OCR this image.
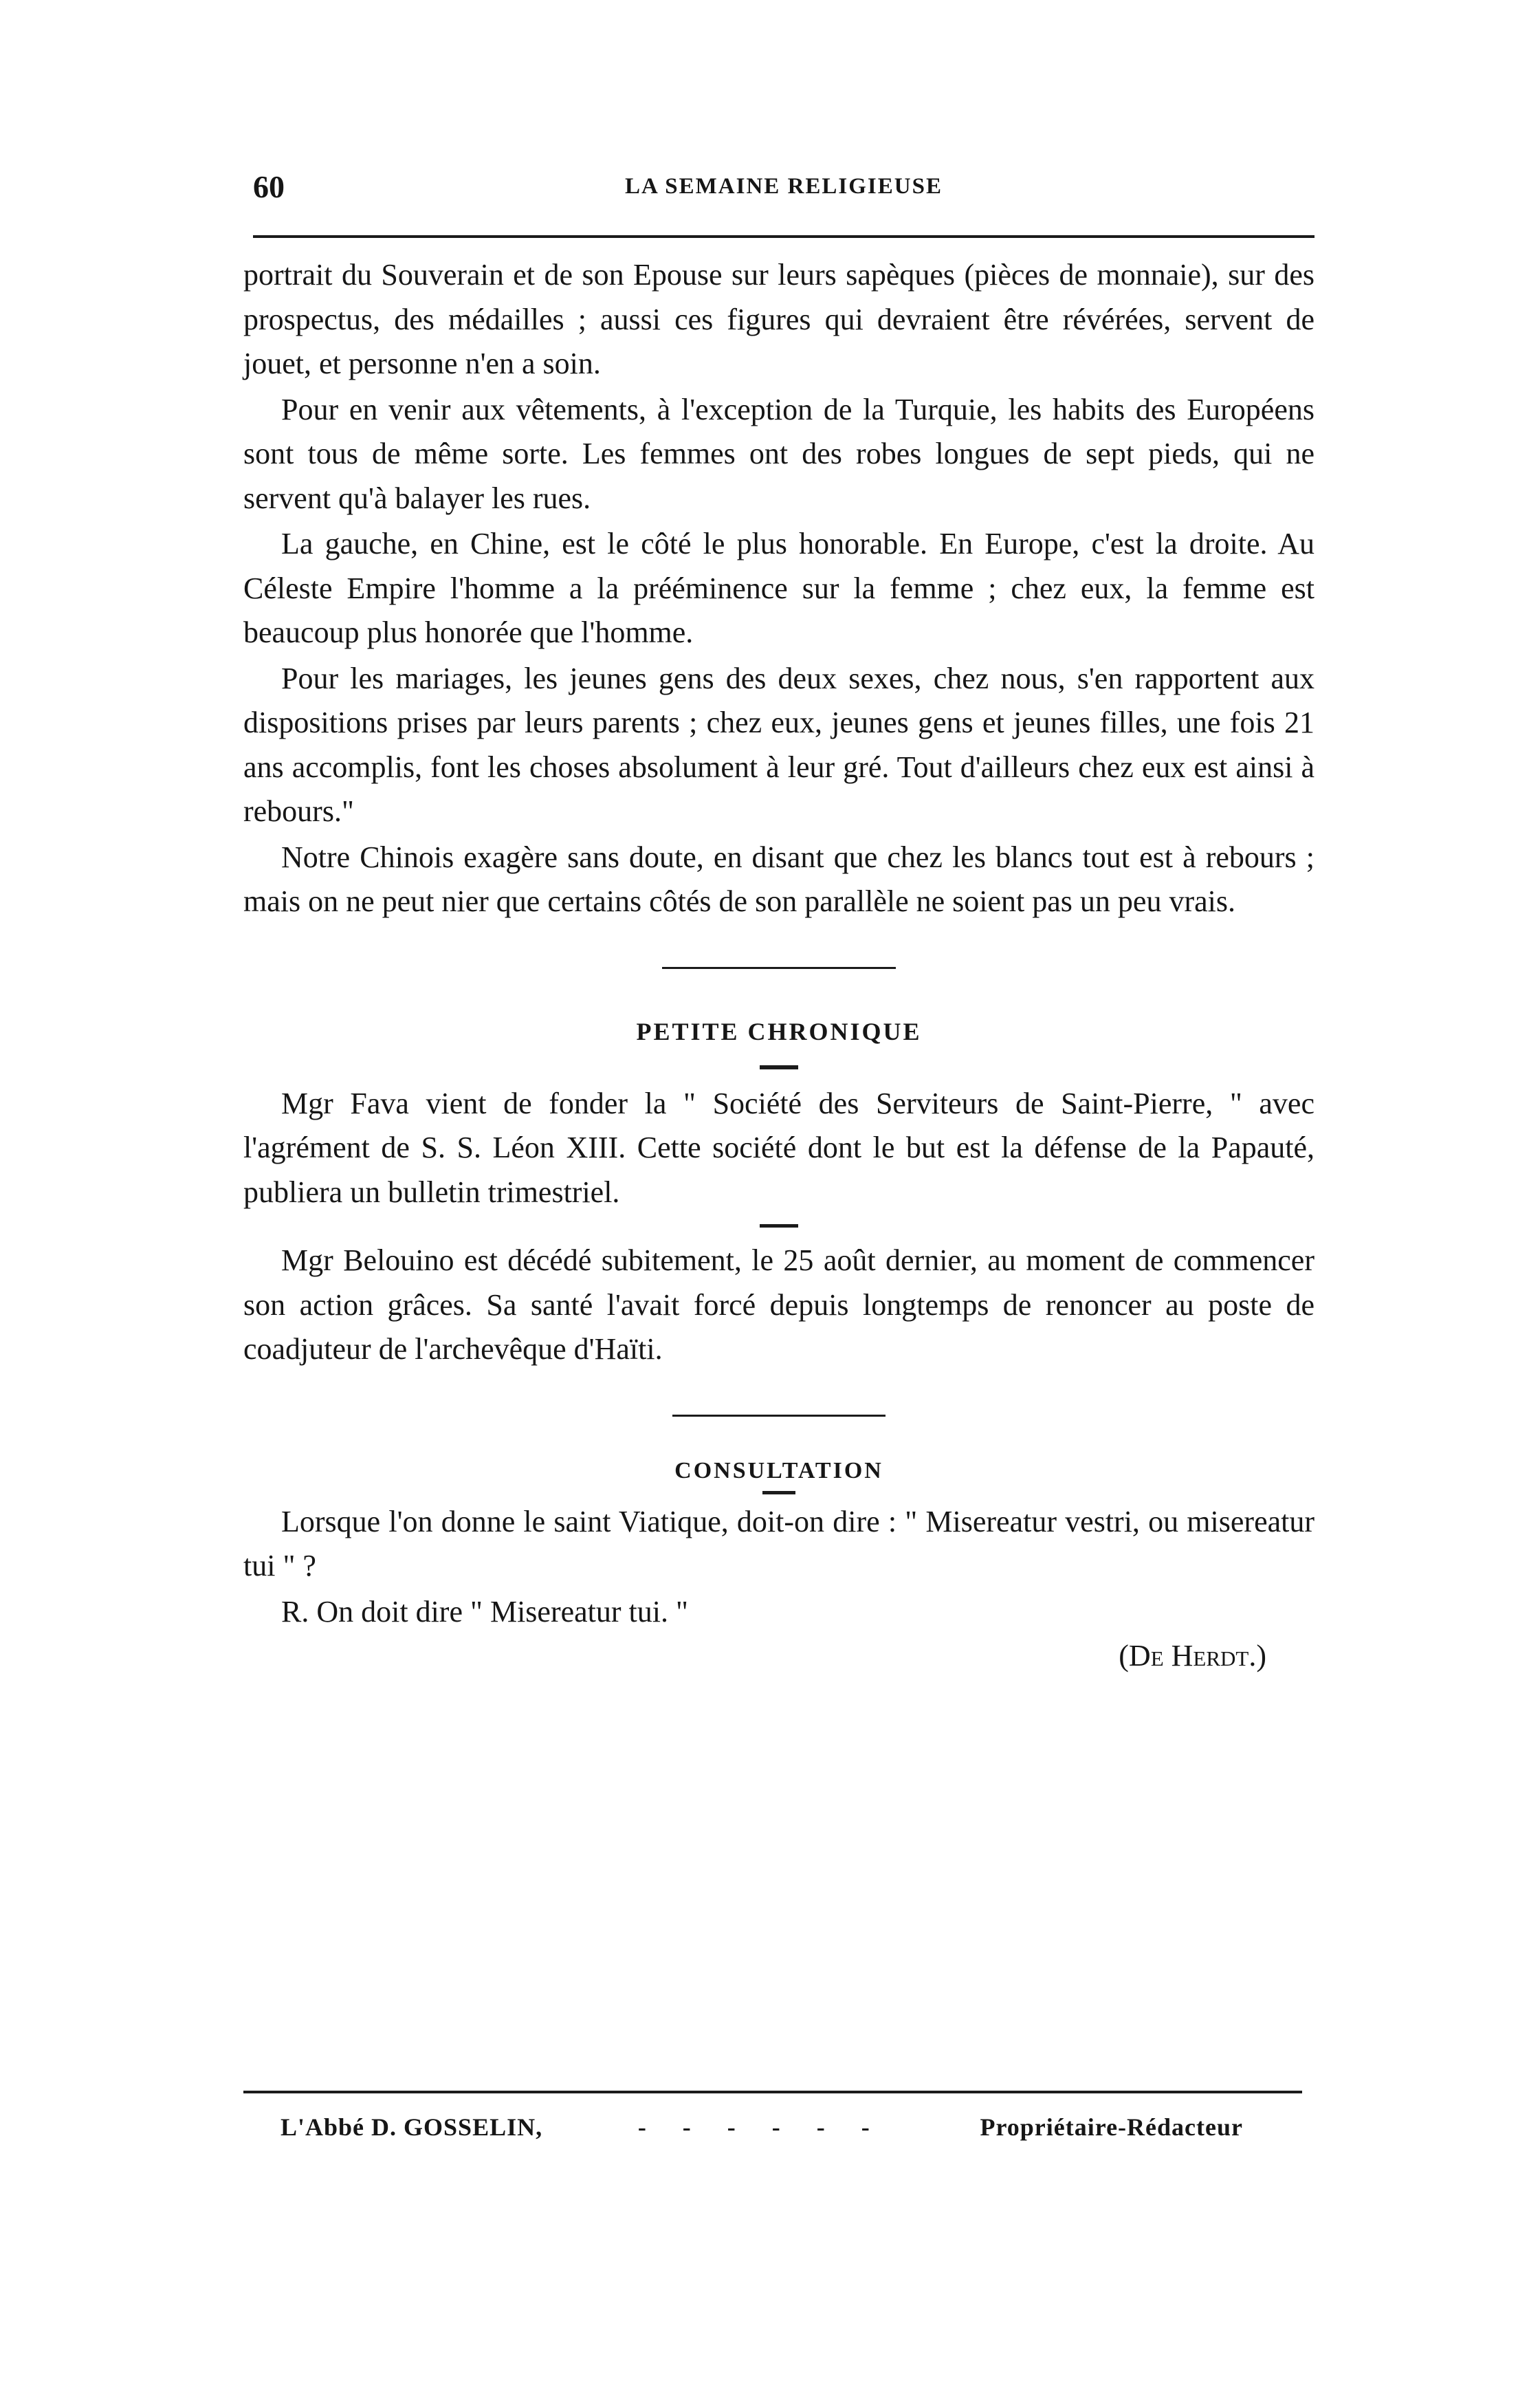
60	LA SEMAINE RELIGIEUSE

portrait du Souverain et de son Epouse sur leurs sapèques (pièces de monnaie), sur des prospectus, des médailles ; aussi ces figures qui devraient être révérées, servent de jouet, et personne n'en a soin.

Pour en venir aux vêtements, à l'exception de la Turquie, les habits des Européens sont tous de même sorte. Les femmes ont des robes longues de sept pieds, qui ne servent qu'à balayer les rues.

La gauche, en Chine, est le côté le plus honorable. En Europe, c'est la droite. Au Céleste Empire l'homme a la prééminence sur la femme ; chez eux, la femme est beaucoup plus honorée que l'homme.

Pour les mariages, les jeunes gens des deux sexes, chez nous, s'en rapportent aux dispositions prises par leurs parents ; chez eux, jeunes gens et jeunes filles, une fois 21 ans accomplis, font les choses absolument à leur gré. Tout d'ailleurs chez eux est ainsi à rebours."

Notre Chinois exagère sans doute, en disant que chez les blancs tout est à rebours ; mais on ne peut nier que certains côtés de son parallèle ne soient pas un peu vrais.

PETITE CHRONIQUE

Mgr Fava vient de fonder la " Société des Serviteurs de Saint-Pierre, " avec l'agrément de S. S. Léon XIII. Cette société dont le but est la défense de la Papauté, publiera un bulletin trimestriel.

Mgr Belouino est décédé subitement, le 25 août dernier, au moment de commencer son action grâces. Sa santé l'avait forcé depuis longtemps de renoncer au poste de coadjuteur de l'archevêque d'Haïti.

CONSULTATION

Lorsque l'on donne le saint Viatique, doit-on dire : " Misereatur vestri, ou misereatur tui " ?

R. On doit dire " Misereatur tui. "

(De Herdt.)
L'Abbé D. GOSSELIN,	- - - - - -	Propriétaire-Rédacteur
